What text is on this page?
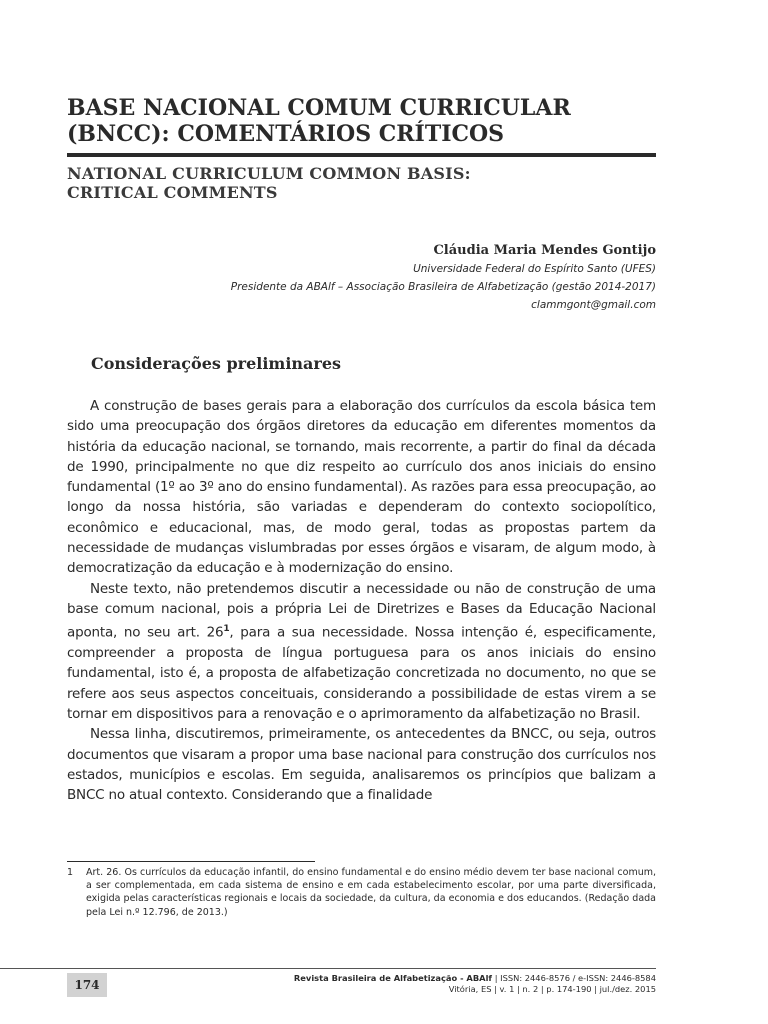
BASE NACIONAL COMUM CURRICULAR
(BNCC): COMENTÁRIOS CRÍTICOS
NATIONAL CURRICULUM COMMON BASIS:
CRITICAL COMMENTS
Cláudia Maria Mendes Gontijo
Universidade Federal do Espírito Santo (UFES)
Presidente da ABAlf – Associação Brasileira de Alfabetização (gestão 2014-2017)
clammgont@gmail.com
Considerações preliminares

A construção de bases gerais para a elaboração dos currículos da escola básica tem sido uma preocupação dos órgãos diretores da educação em diferentes momentos da história da educação nacional, se tornando, mais recorrente, a partir do final da década de 1990, principalmente no que diz respeito ao currículo dos anos iniciais do ensino fundamental (1º ao 3º ano do ensino fundamental). As razões para essa preocupação, ao longo da nossa história, são variadas e dependeram do contexto sociopolítico, econômico e educacional, mas, de modo geral, todas as propostas partem da necessidade de mudanças vislumbradas por esses órgãos e visaram, de algum modo, à democratização da educação e à modernização do ensino.

Neste texto, não pretendemos discutir a necessidade ou não de construção de uma base comum nacional, pois a própria Lei de Diretrizes e Bases da Educação Nacional aponta, no seu art. $26^1$, para a sua necessidade. Nossa intenção é, especificamente, compreender a proposta de língua portuguesa para os anos iniciais do ensino fundamental, isto é, a proposta de alfabetização concretizada no documento, no que se refere aos seus aspectos conceituais, considerando a possibilidade de estas virem a se tornar em dispositivos para a renovação e o aprimoramento da alfabetização no Brasil.

Nessa linha, discutiremos, primeiramente, os antecedentes da BNCC, ou seja, outros documentos que visaram a propor uma base nacional para construção dos currículos nos estados, municípios e escolas. Em seguida, analisaremos os princípios que balizam a BNCC no atual contexto. Considerando que a finalidade

1 Art. 26. Os currículos da educação infantil, do ensino fundamental e do ensino médio devem ter base nacional comum, a ser complementada, em cada sistema de ensino e em cada estabelecimento escolar, por uma parte diversificada, exigida pelas características regionais e locais da sociedade, da cultura, da economia e dos educandos. (Redação dada pela Lei n.º 12.796, de 2013.)
174	Revista Brasileira de Alfabetização - ABAlf | ISSN: 2446-8576 / e-ISSN: 2446-8584
Vitória, ES | v. 1 | n. 2 | p. 174-190 | jul./dez. 2015
